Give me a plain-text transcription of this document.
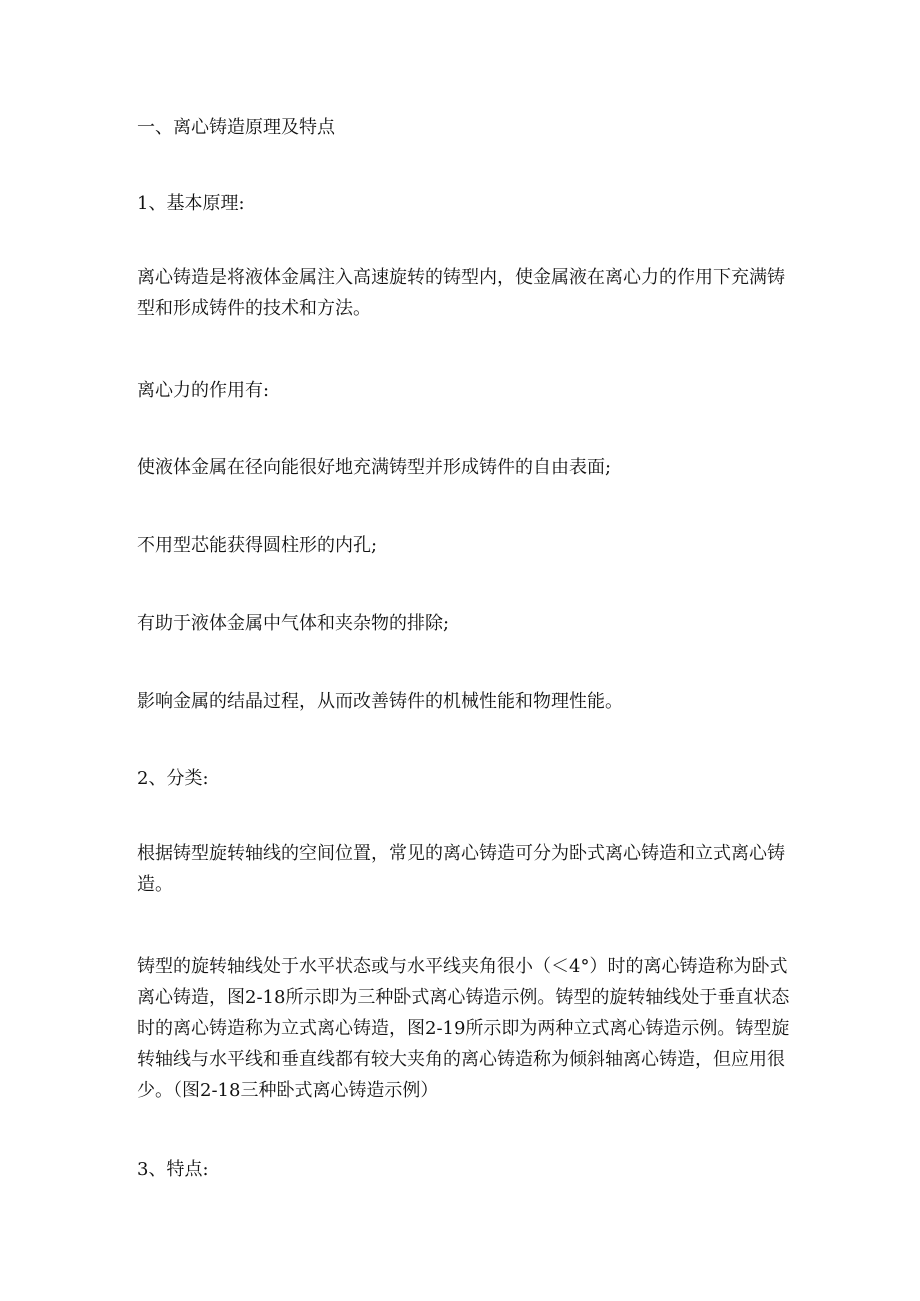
一、离心铸造原理及特点
1、基本原理:
离心铸造是将液体金属注入高速旋转的铸型内，使金属液在离心力的作用下充满铸型和形成铸件的技术和方法。
离心力的作用有:
使液体金属在径向能很好地充满铸型并形成铸件的自由表面;
不用型芯能获得圆柱形的内孔;
有助于液体金属中气体和夹杂物的排除;
影响金属的结晶过程，从而改善铸件的机械性能和物理性能。
2、分类:
根据铸型旋转轴线的空间位置，常见的离心铸造可分为卧式离心铸造和立式离心铸造。
铸型的旋转轴线处于水平状态或与水平线夹角很小（＜4°）时的离心铸造称为卧式离心铸造，图2-18所示即为三种卧式离心铸造示例。铸型的旋转轴线处于垂直状态时的离心铸造称为立式离心铸造，图2-19所示即为两种立式离心铸造示例。铸型旋转轴线与水平线和垂直线都有较大夹角的离心铸造称为倾斜轴离心铸造，但应用很少。（图2-18三种卧式离心铸造示例）
3、特点:
